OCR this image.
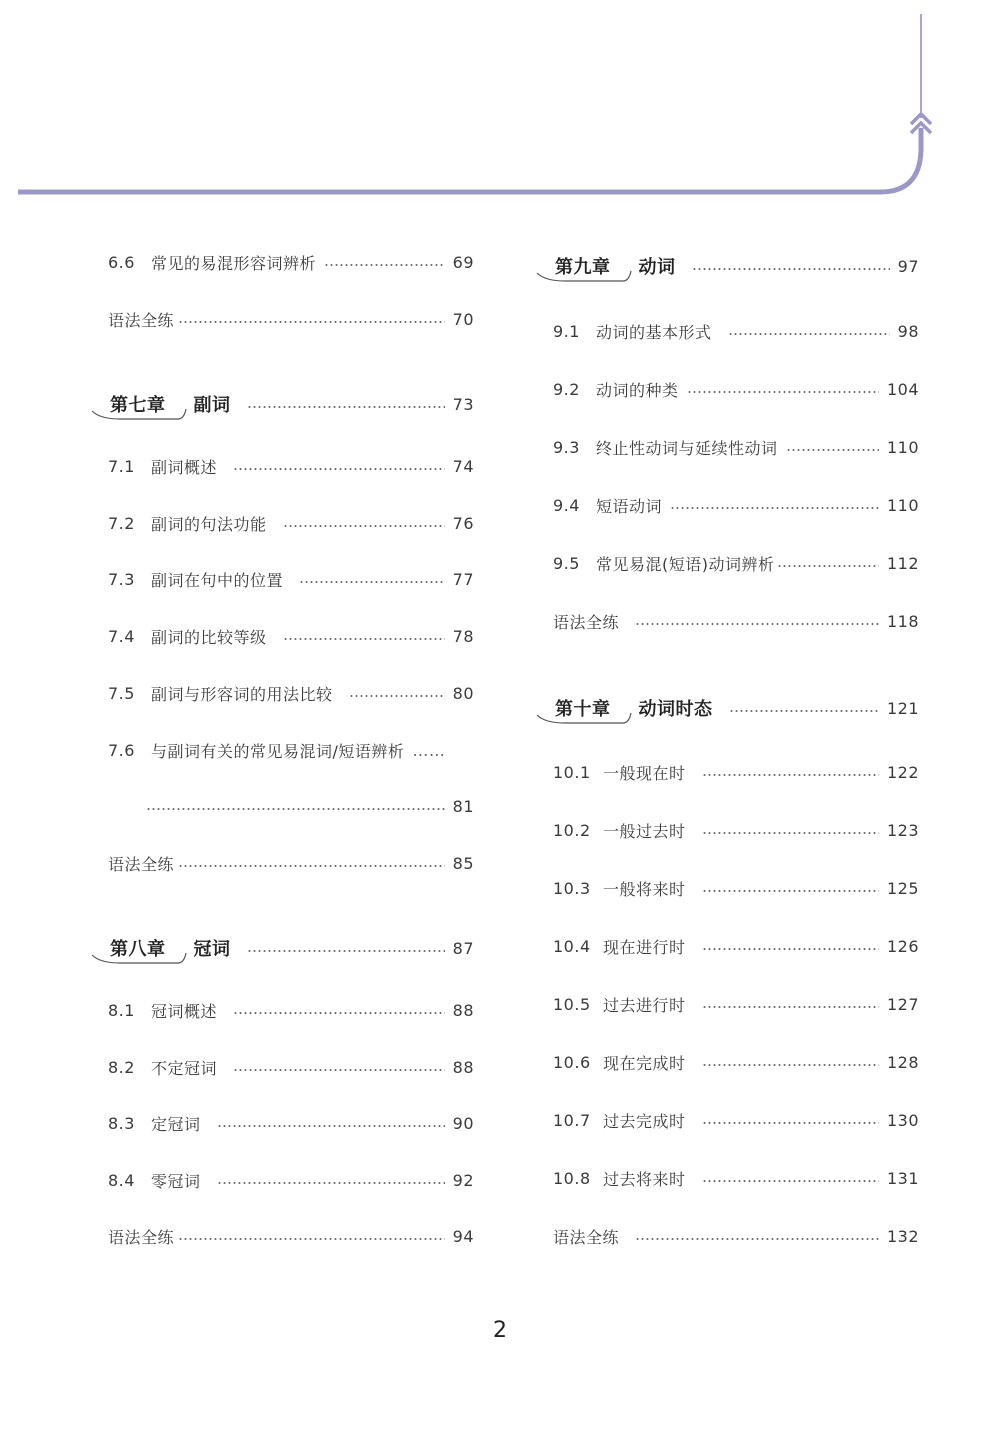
6.6	常见的易混形容词辨析	69
语法全练	70
第七章	副词	73
7.1	副词概述	74
7.2	副词的句法功能	76
7.3	副词在句中的位置	77
7.4	副词的比较等级	78
7.5	副词与形容词的用法比较	80
7.6	与副词有关的常见易混词/短语辨析 ……
81
语法全练	85
第八章	冠词	87
8.1	冠词概述	88
8.2	不定冠词	88
8.3	定冠词	90
8.4	零冠词	92
语法全练	94
第九章	动词	97
9.1	动词的基本形式	98
9.2	动词的种类	104
9.3	终止性动词与延续性动词	110
9.4	短语动词	110
9.5	常见易混(短语)动词辨析	112
语法全练	118
第十章	动词时态	121
10.1 一般现在时	122
10.2 一般过去时	123
10.3 一般将来时	125
10.4 现在进行时	126
10.5 过去进行时	127
10.6 现在完成时	128
10.7 过去完成时	130
10.8 过去将来时	131
语法全练	132
2
